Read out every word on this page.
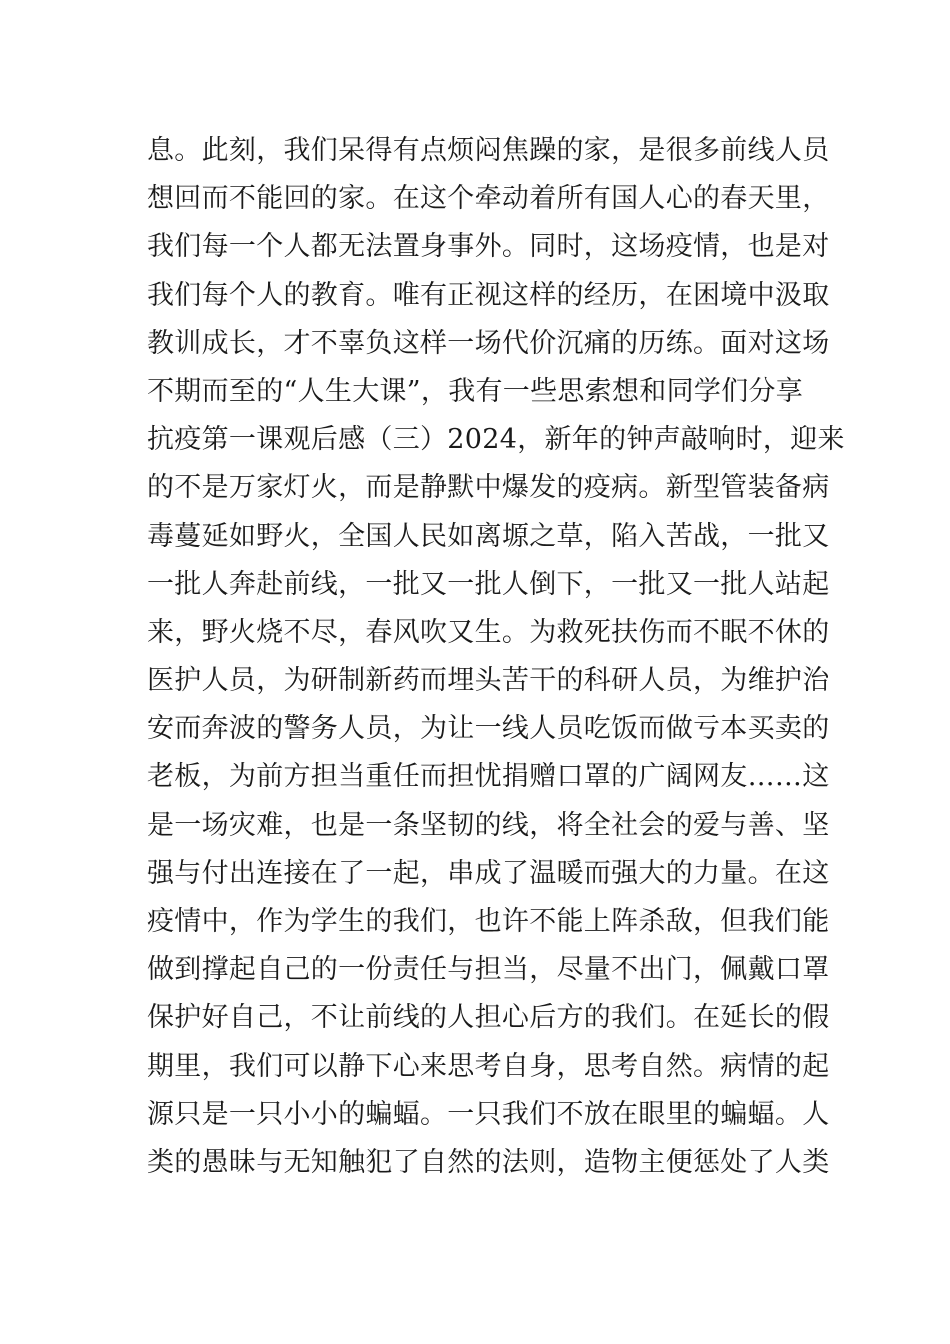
息。此刻，我们呆得有点烦闷焦躁的家，是很多前线人员
想回而不能回的家。在这个牵动着所有国人心的春天里，
我们每一个人都无法置身事外。同时，这场疫情，也是对
我们每个人的教育。唯有正视这样的经历，在困境中汲取
教训成长，才不辜负这样一场代价沉痛的历练。面对这场
不期而至的“人生大课”，我有一些思索想和同学们分享
抗疫第一课观后感（三）2024，新年的钟声敲响时，迎来
的不是万家灯火，而是静默中爆发的疫病。新型管装备病
毒蔓延如野火，全国人民如离塬之草，陷入苦战，一批又
一批人奔赴前线，一批又一批人倒下，一批又一批人站起
来，野火烧不尽，春风吹又生。为救死扶伤而不眠不休的
医护人员，为研制新药而埋头苦干的科研人员，为维护治
安而奔波的警务人员，为让一线人员吃饭而做亏本买卖的
老板，为前方担当重任而担忧捐赠口罩的广阔网友……这
是一场灾难，也是一条坚韧的线，将全社会的爱与善、坚
强与付出连接在了一起，串成了温暖而强大的力量。在这
疫情中，作为学生的我们，也许不能上阵杀敌，但我们能
做到撑起自己的一份责任与担当，尽量不出门，佩戴口罩
保护好自己，不让前线的人担心后方的我们。在延长的假
期里，我们可以静下心来思考自身，思考自然。病情的起
源只是一只小小的蝙蝠。一只我们不放在眼里的蝙蝠。人
类的愚昧与无知触犯了自然的法则，造物主便惩处了人类
